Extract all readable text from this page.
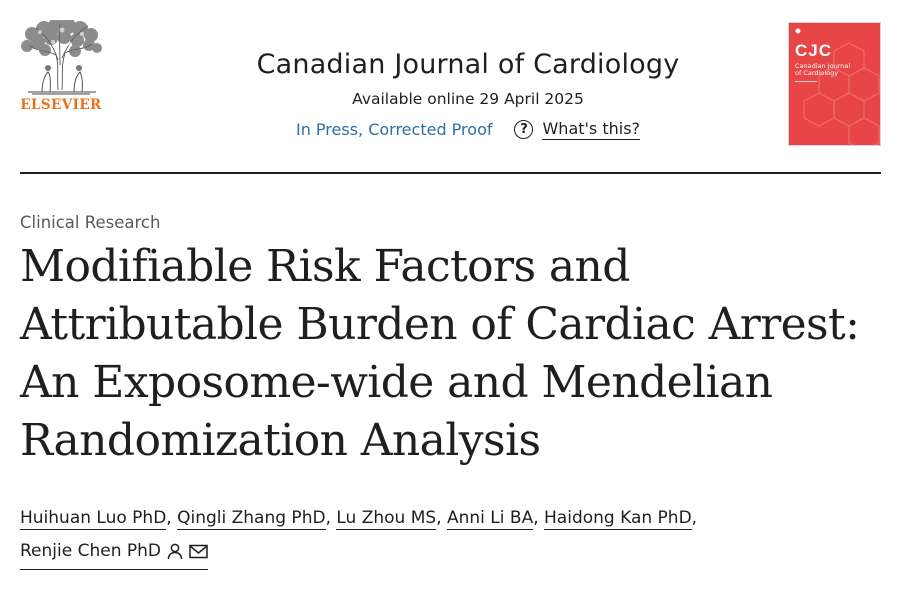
ELSEVIER
Canadian Journal of Cardiology
Available online 29 April 2025
In Press, Corrected Proof	? What's this?
CJC
Canadian Journal of Cardiology
Clinical Research
Modifiable Risk Factors and Attributable Burden of Cardiac Arrest: An Exposome-wide and Mendelian Randomization Analysis
Huihuan Luo PhD, Qingli Zhang PhD, Lu Zhou MS, Anni Li BA, Haidong Kan PhD,

Renjie Chen PhD
